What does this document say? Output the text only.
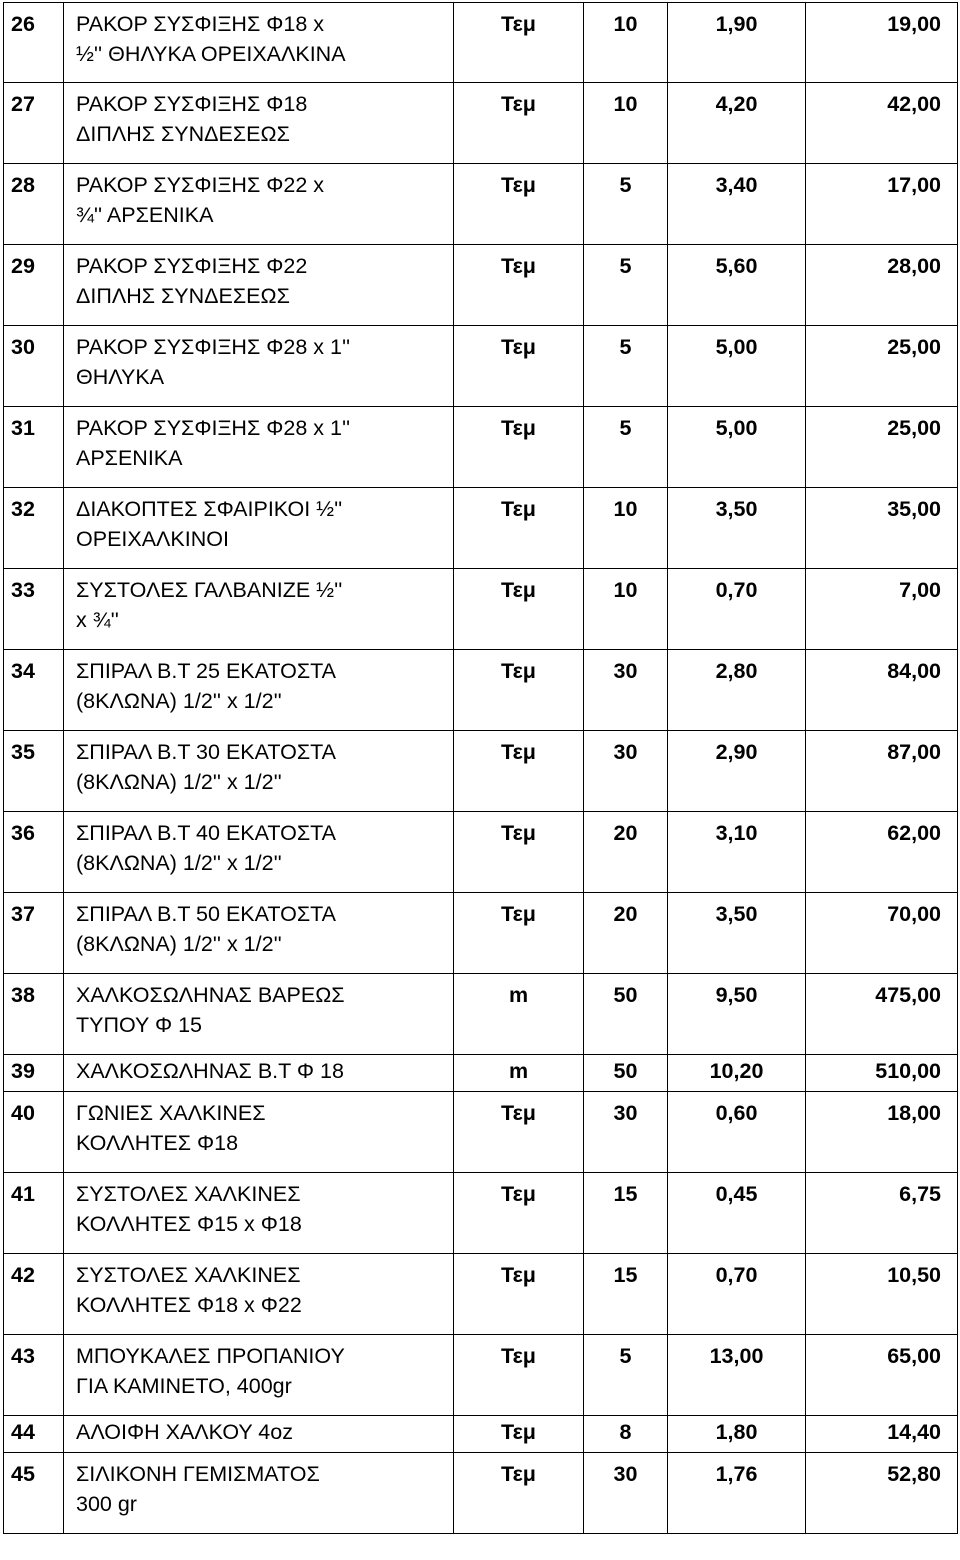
26	ΡΑΚΟΡ ΣΥΣΦΙΞΗΣ Φ18 x
½'' ΘΗΛΥΚΑ ΟΡΕΙΧΑΛΚΙΝΑ	Τεμ	10	1,90	19,00
27	ΡΑΚΟΡ ΣΥΣΦΙΞΗΣ Φ18
ΔΙΠΛΗΣ ΣΥΝΔΕΣΕΩΣ	Τεμ	10	4,20	42,00
28	ΡΑΚΟΡ ΣΥΣΦΙΞΗΣ Φ22 x
¾'' ΑΡΣΕΝΙΚΑ	Τεμ	5	3,40	17,00
29	ΡΑΚΟΡ ΣΥΣΦΙΞΗΣ Φ22
ΔΙΠΛΗΣ ΣΥΝΔΕΣΕΩΣ	Τεμ	5	5,60	28,00
30	ΡΑΚΟΡ ΣΥΣΦΙΞΗΣ Φ28 x 1''
ΘΗΛΥΚΑ	Τεμ	5	5,00	25,00
31	ΡΑΚΟΡ ΣΥΣΦΙΞΗΣ Φ28 x 1''
ΑΡΣΕΝΙΚΑ	Τεμ	5	5,00	25,00
32	ΔΙΑΚΟΠΤΕΣ ΣΦΑΙΡΙΚΟΙ ½''
ΟΡΕΙΧΑΛΚΙΝΟΙ	Τεμ	10	3,50	35,00
33	ΣΥΣΤΟΛΕΣ ΓΑΛΒΑΝΙΖΕ ½''
x ¾''	Τεμ	10	0,70	7,00
34	ΣΠΙΡΑΛ Β.Τ 25 ΕΚΑΤΟΣΤΑ
(8ΚΛΩΝΑ) 1/2'' x 1/2''	Τεμ	30	2,80	84,00
35	ΣΠΙΡΑΛ Β.Τ 30 ΕΚΑΤΟΣΤΑ
(8ΚΛΩΝΑ) 1/2'' x 1/2''	Τεμ	30	2,90	87,00
36	ΣΠΙΡΑΛ Β.Τ 40 ΕΚΑΤΟΣΤΑ
(8ΚΛΩΝΑ) 1/2'' x 1/2''	Τεμ	20	3,10	62,00
37	ΣΠΙΡΑΛ Β.Τ 50 ΕΚΑΤΟΣΤΑ
(8ΚΛΩΝΑ) 1/2'' x 1/2''	Τεμ	20	3,50	70,00
38	ΧΑΛΚΟΣΩΛΗΝΑΣ ΒΑΡΕΩΣ
ΤΥΠΟΥ Φ 15	m	50	9,50	475,00
39	ΧΑΛΚΟΣΩΛΗΝΑΣ Β.Τ Φ 18	m	50	10,20	510,00
40	ΓΩΝΙΕΣ ΧΑΛΚΙΝΕΣ
ΚΟΛΛΗΤΕΣ Φ18	Τεμ	30	0,60	18,00
41	ΣΥΣΤΟΛΕΣ ΧΑΛΚΙΝΕΣ
ΚΟΛΛΗΤΕΣ Φ15 x Φ18	Τεμ	15	0,45	6,75
42	ΣΥΣΤΟΛΕΣ ΧΑΛΚΙΝΕΣ
ΚΟΛΛΗΤΕΣ Φ18 x Φ22	Τεμ	15	0,70	10,50
43	ΜΠΟΥΚΑΛΕΣ ΠΡΟΠΑΝΙΟΥ
ΓΙΑ ΚΑΜΙΝΕΤΟ, 400gr	Τεμ	5	13,00	65,00
44	ΑΛΟΙΦΗ ΧΑΛΚΟΥ 4oz	Τεμ	8	1,80	14,40
45	ΣΙΛΙΚΟΝΗ ΓΕΜΙΣΜΑΤΟΣ
300 gr	Τεμ	30	1,76	52,80
